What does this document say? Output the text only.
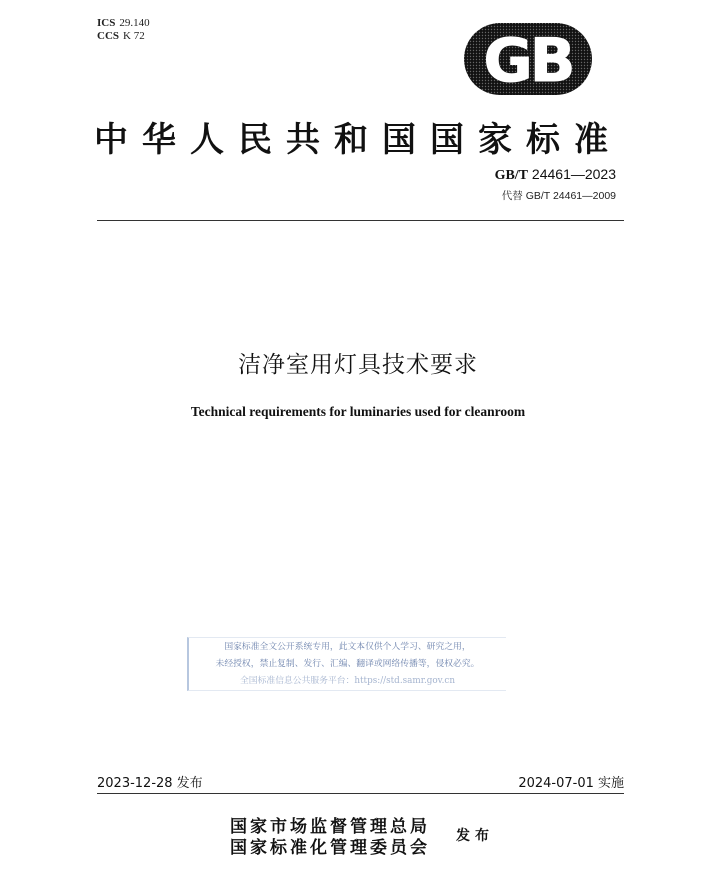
ICS 29.140
CCS K 72	GB
中华人民共和国国家标准
GB/T 24461—2023
代替 GB/T 24461—2009
洁净室用灯具技术要求
Technical requirements for luminaries used for cleanroom
国家标准全文公开系统专用，此文本仅供个人学习、研究之用，
未经授权，禁止复制、发行、汇编、翻译或网络传播等，侵权必究。
全国标准信息公共服务平台：https://std.samr.gov.cn
2023-12-28 发布	2024-07-01 实施
国家市场监督管理总局
国家标准化管理委员会
发布
